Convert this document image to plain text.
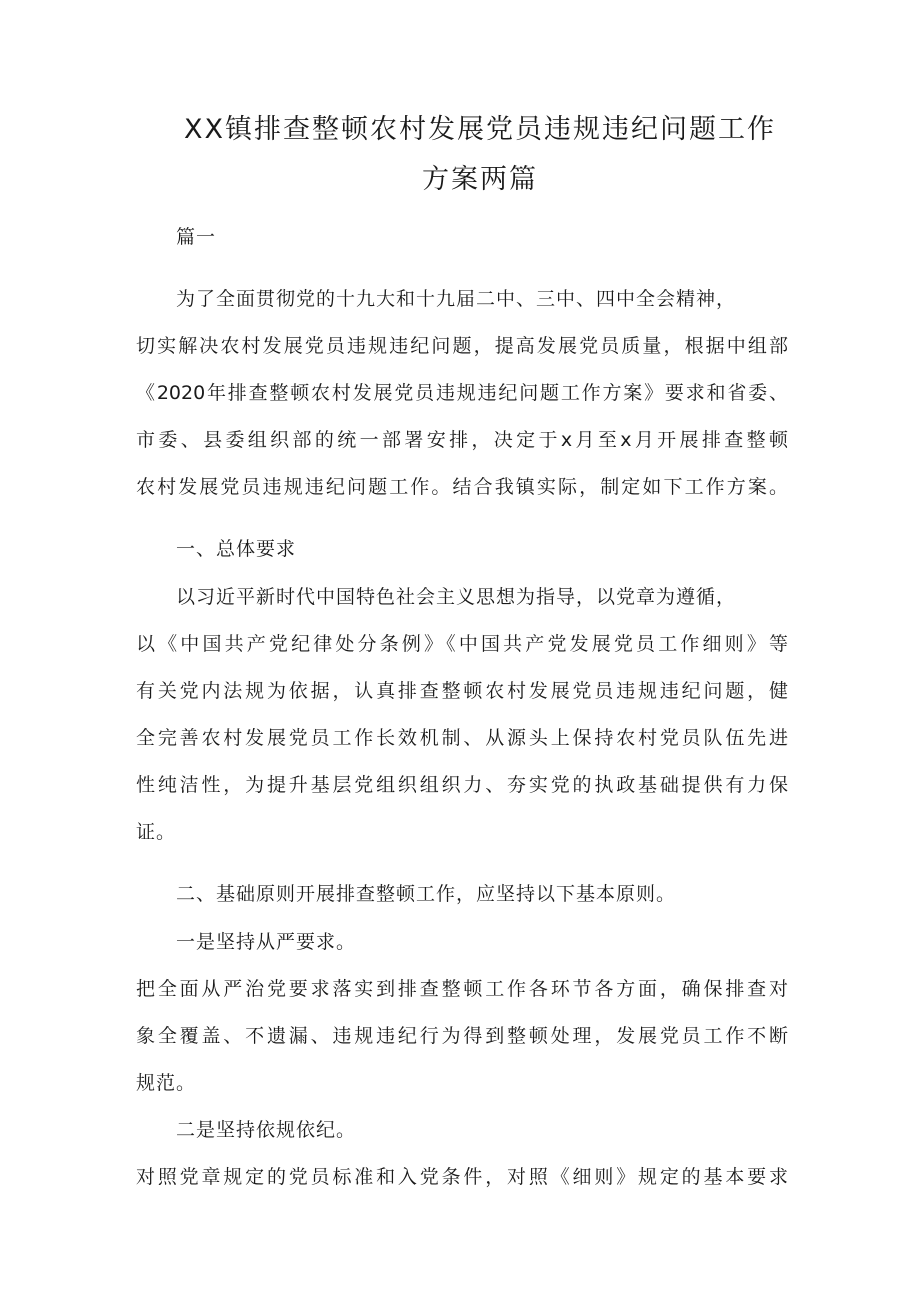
XX镇排查整顿农村发展党员违规违纪问题工作
方案两篇
篇一
为了全面贯彻党的十九大和十九届二中、三中、四中全会精神，
切实解决农村发展党员违规违纪问题，提高发展党员质量，根据中组部
《2020年排查整顿农村发展党员违规违纪问题工作方案》要求和省委、
市委、县委组织部的统一部署安排，决定于x月至x月开展排查整顿
农村发展党员违规违纪问题工作。结合我镇实际，制定如下工作方案。
一、总体要求
以习近平新时代中国特色社会主义思想为指导，以党章为遵循，
以《中国共产党纪律处分条例》《中国共产党发展党员工作细则》等
有关党内法规为依据，认真排查整顿农村发展党员违规违纪问题，健
全完善农村发展党员工作长效机制、从源头上保持农村党员队伍先进
性纯洁性，为提升基层党组织组织力、夯实党的执政基础提供有力保
证。
二、基础原则开展排查整顿工作，应坚持以下基本原则。
一是坚持从严要求。
把全面从严治党要求落实到排查整顿工作各环节各方面，确保排查对
象全覆盖、不遗漏、违规违纪行为得到整顿处理，发展党员工作不断
规范。
二是坚持依规依纪。
对照党章规定的党员标准和入党条件，对照《细则》规定的基本要求
